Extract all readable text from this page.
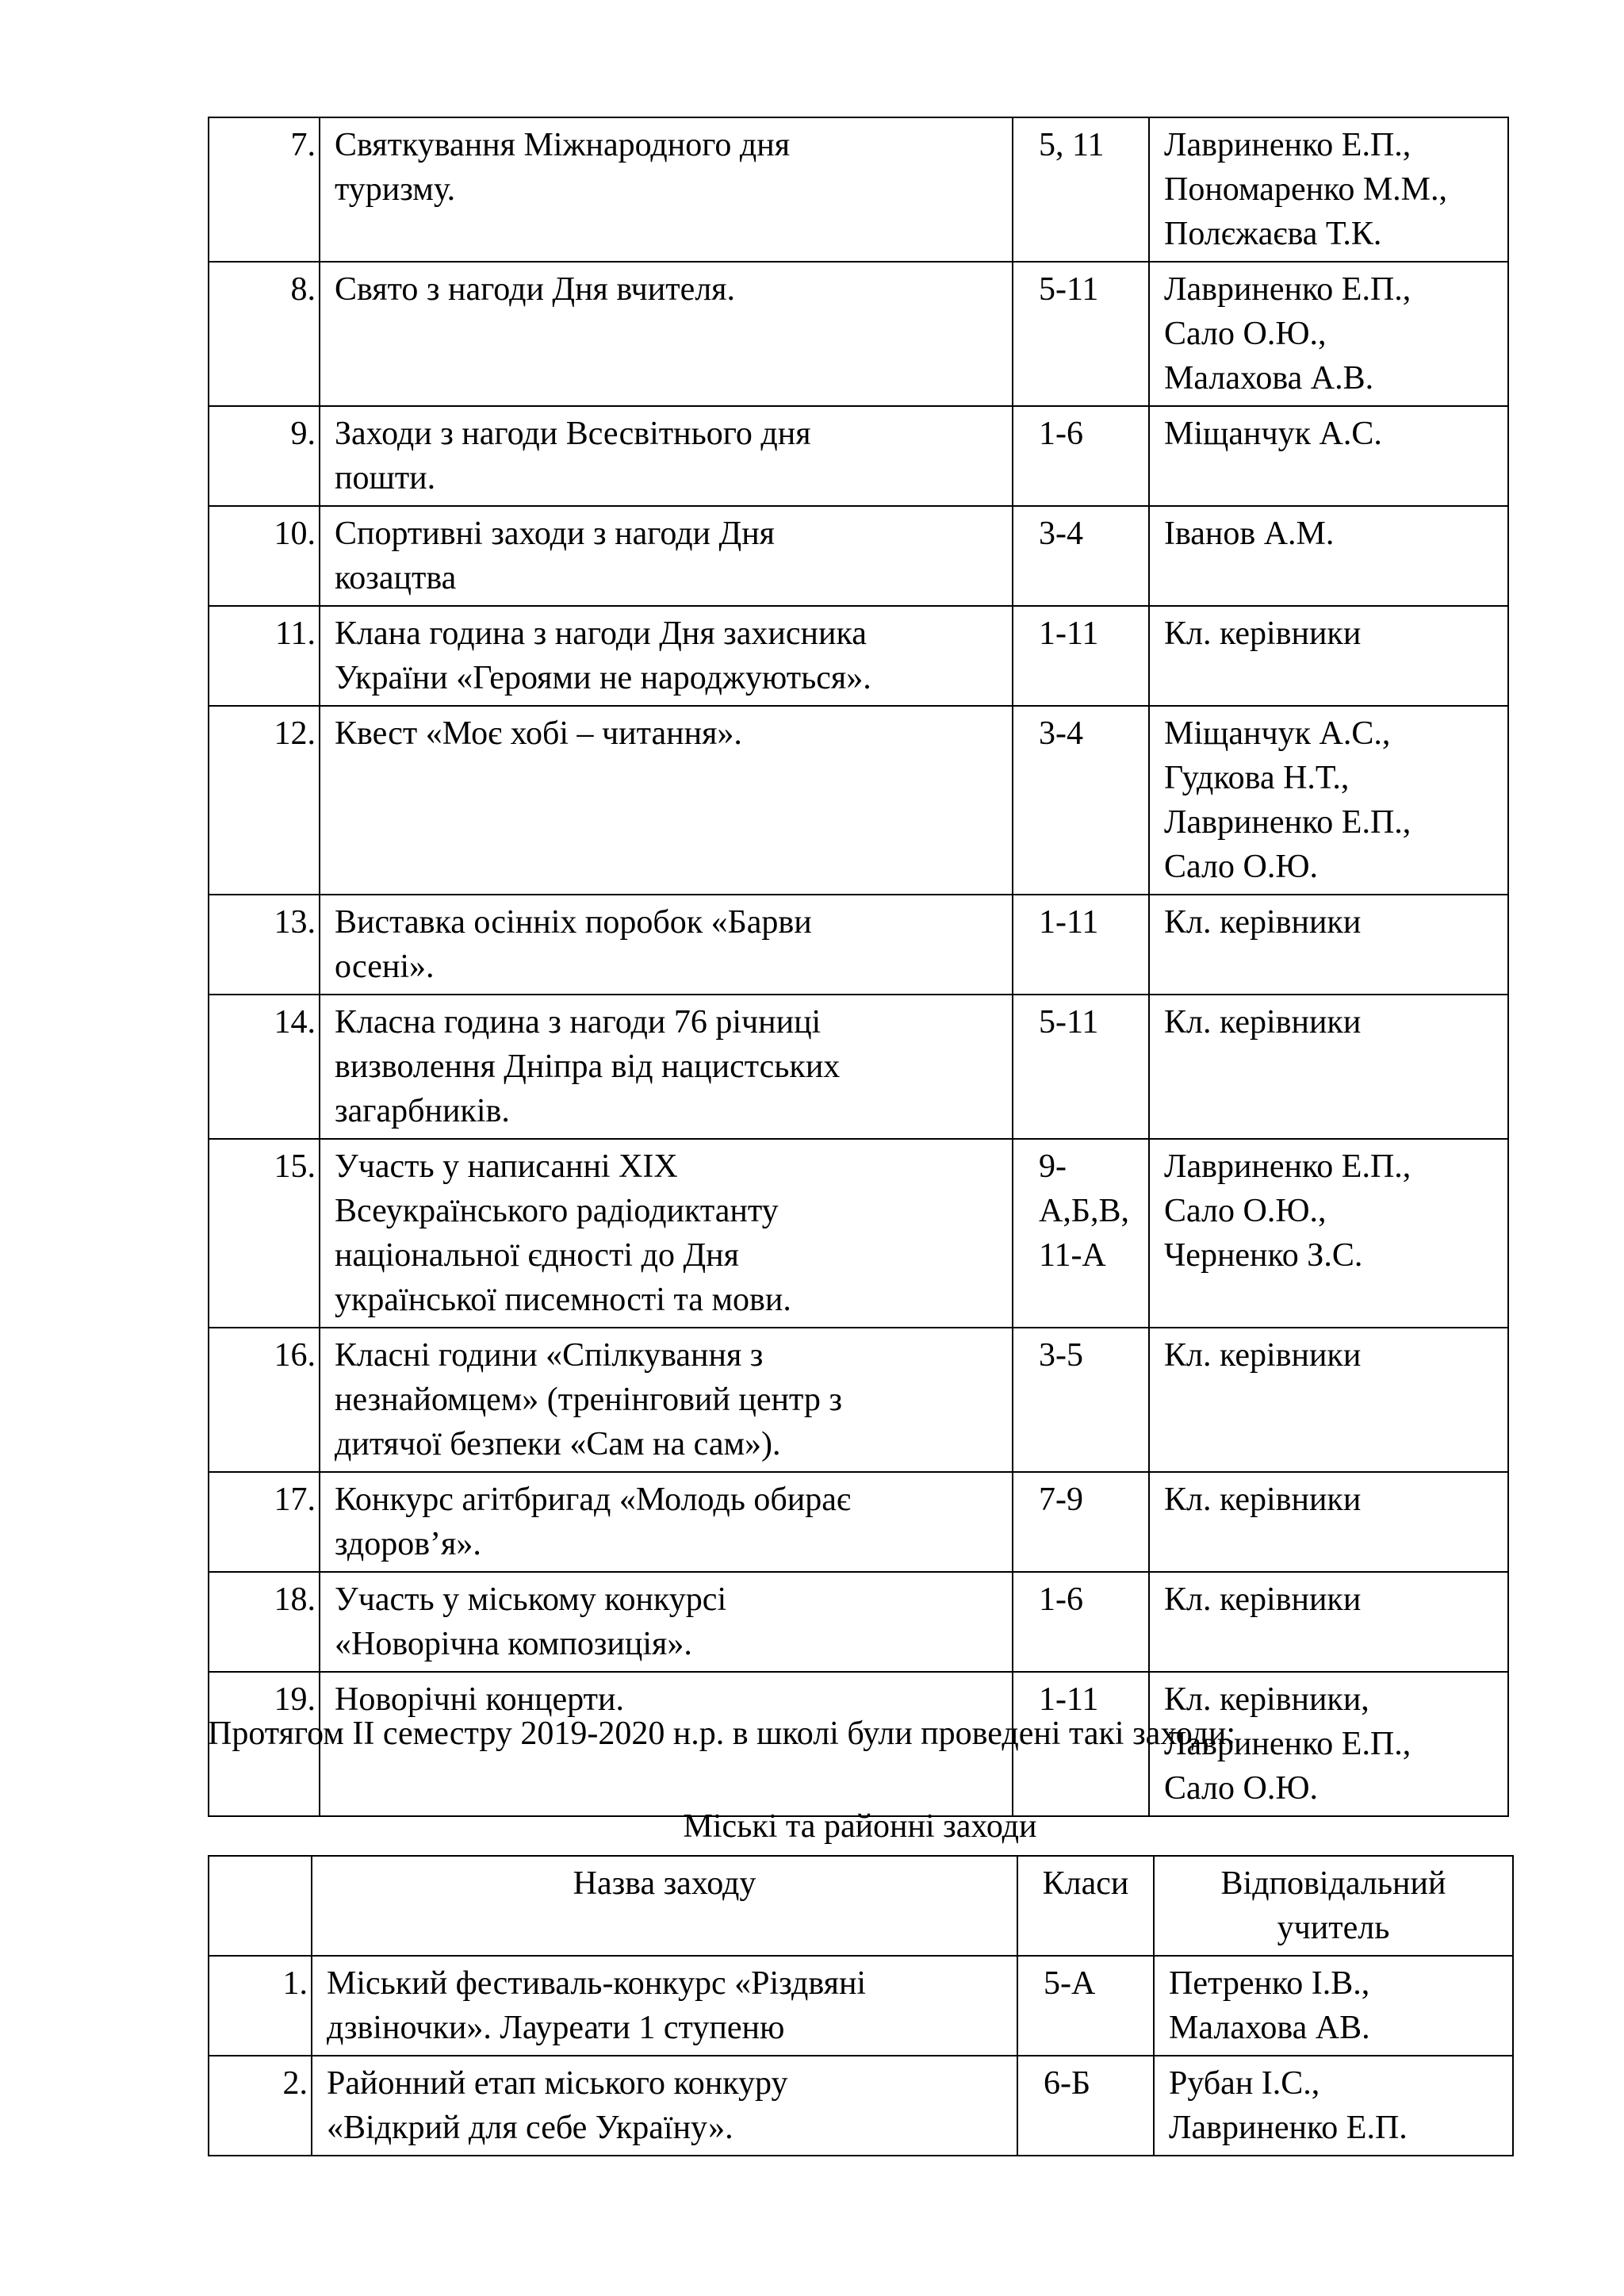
7.	Святкування Міжнародного дня
туризму.	5, 11	Лавриненко Е.П.,
Пономаренко М.М.,
Полєжаєва Т.К.

8.	Свято з нагоди Дня вчителя.	5-11	Лавриненко Е.П.,
Сало О.Ю.,
Малахова А.В.

9.	Заходи з нагоди Всесвітнього дня
пошти.	1-6	Міщанчук А.С.

10.	Спортивні заходи з нагоди Дня
козацтва	3-4	Іванов А.М.

11.	Клана година з нагоди Дня захисника
України «Героями не народжуються».	1-11	Кл. керівники

12.	Квест «Моє хобі – читання».	3-4	Міщанчук А.С.,
Гудкова Н.Т.,
Лавриненко Е.П.,
Сало О.Ю.

13.	Виставка осінніх поробок «Барви
осені».	1-11	Кл. керівники

14.	Класна година з нагоди 76 річниці
визволення Дніпра від нацистських
загарбників.	5-11	Кл. керівники

15.	Участь у написанні XIX
Всеукраїнського радіодиктанту
національної єдності до Дня
української писемності та мови.	9-
А,Б,В,
11-А	Лавриненко Е.П.,
Сало О.Ю.,
Черненко З.С.

16.	Класні години «Спілкування з
незнайомцем» (тренінговий центр з
дитячої безпеки «Сам на сам»).	3-5	Кл. керівники

17.	Конкурс агітбригад «Молодь обирає
здоров’я».	7-9	Кл. керівники

18.	Участь у міському конкурсі
«Новорічна композиція».	1-6	Кл. керівники

19.	Новорічні концерти.	1-11	Кл. керівники,
Лавриненко Е.П.,
Сало О.Ю.
Протягом ІІ семестру 2019-2020 н.р. в школі були проведені такі заходи:
Міські та районні заходи
	Назва заходу	Класи	Відповідальний
учитель

1.	Міський фестиваль-конкурс «Різдвяні
дзвіночки». Лауреати 1 ступеню	5-А	Петренко І.В.,
Малахова АВ.

2.	Районний етап міського конкуру
«Відкрий для себе Україну».	6-Б	Рубан І.С.,
Лавриненко Е.П.
